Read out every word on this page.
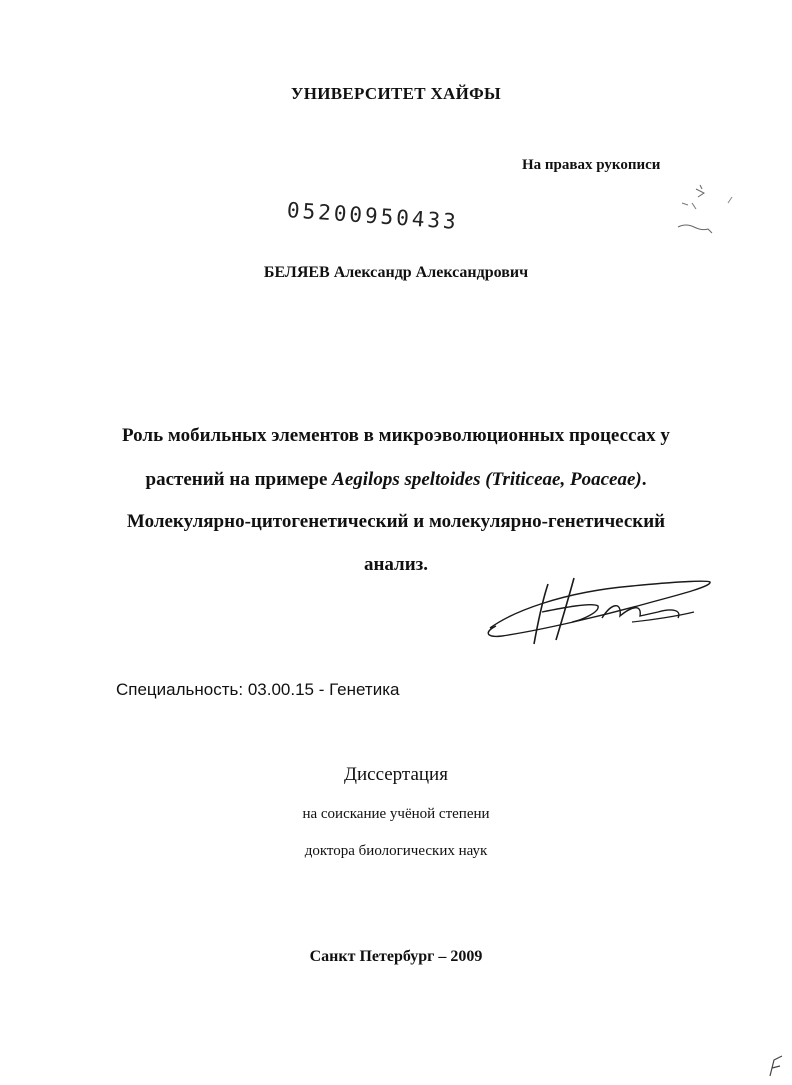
УНИВЕРСИТЕТ ХАЙФЫ
На правах рукописи
05200950433
БЕЛЯЕВ Александр Александрович
Роль мобильных элементов в микроэволюционных процессах у
растений на примере Aegilops speltoides (Triticeae, Poaceae).
Молекулярно-цитогенетический и молекулярно-генетический
анализ.
Специальность: 03.00.15 - Генетика
Диссертация
на соискание учёной степени
доктора биологических наук
Санкт Петербург – 2009
